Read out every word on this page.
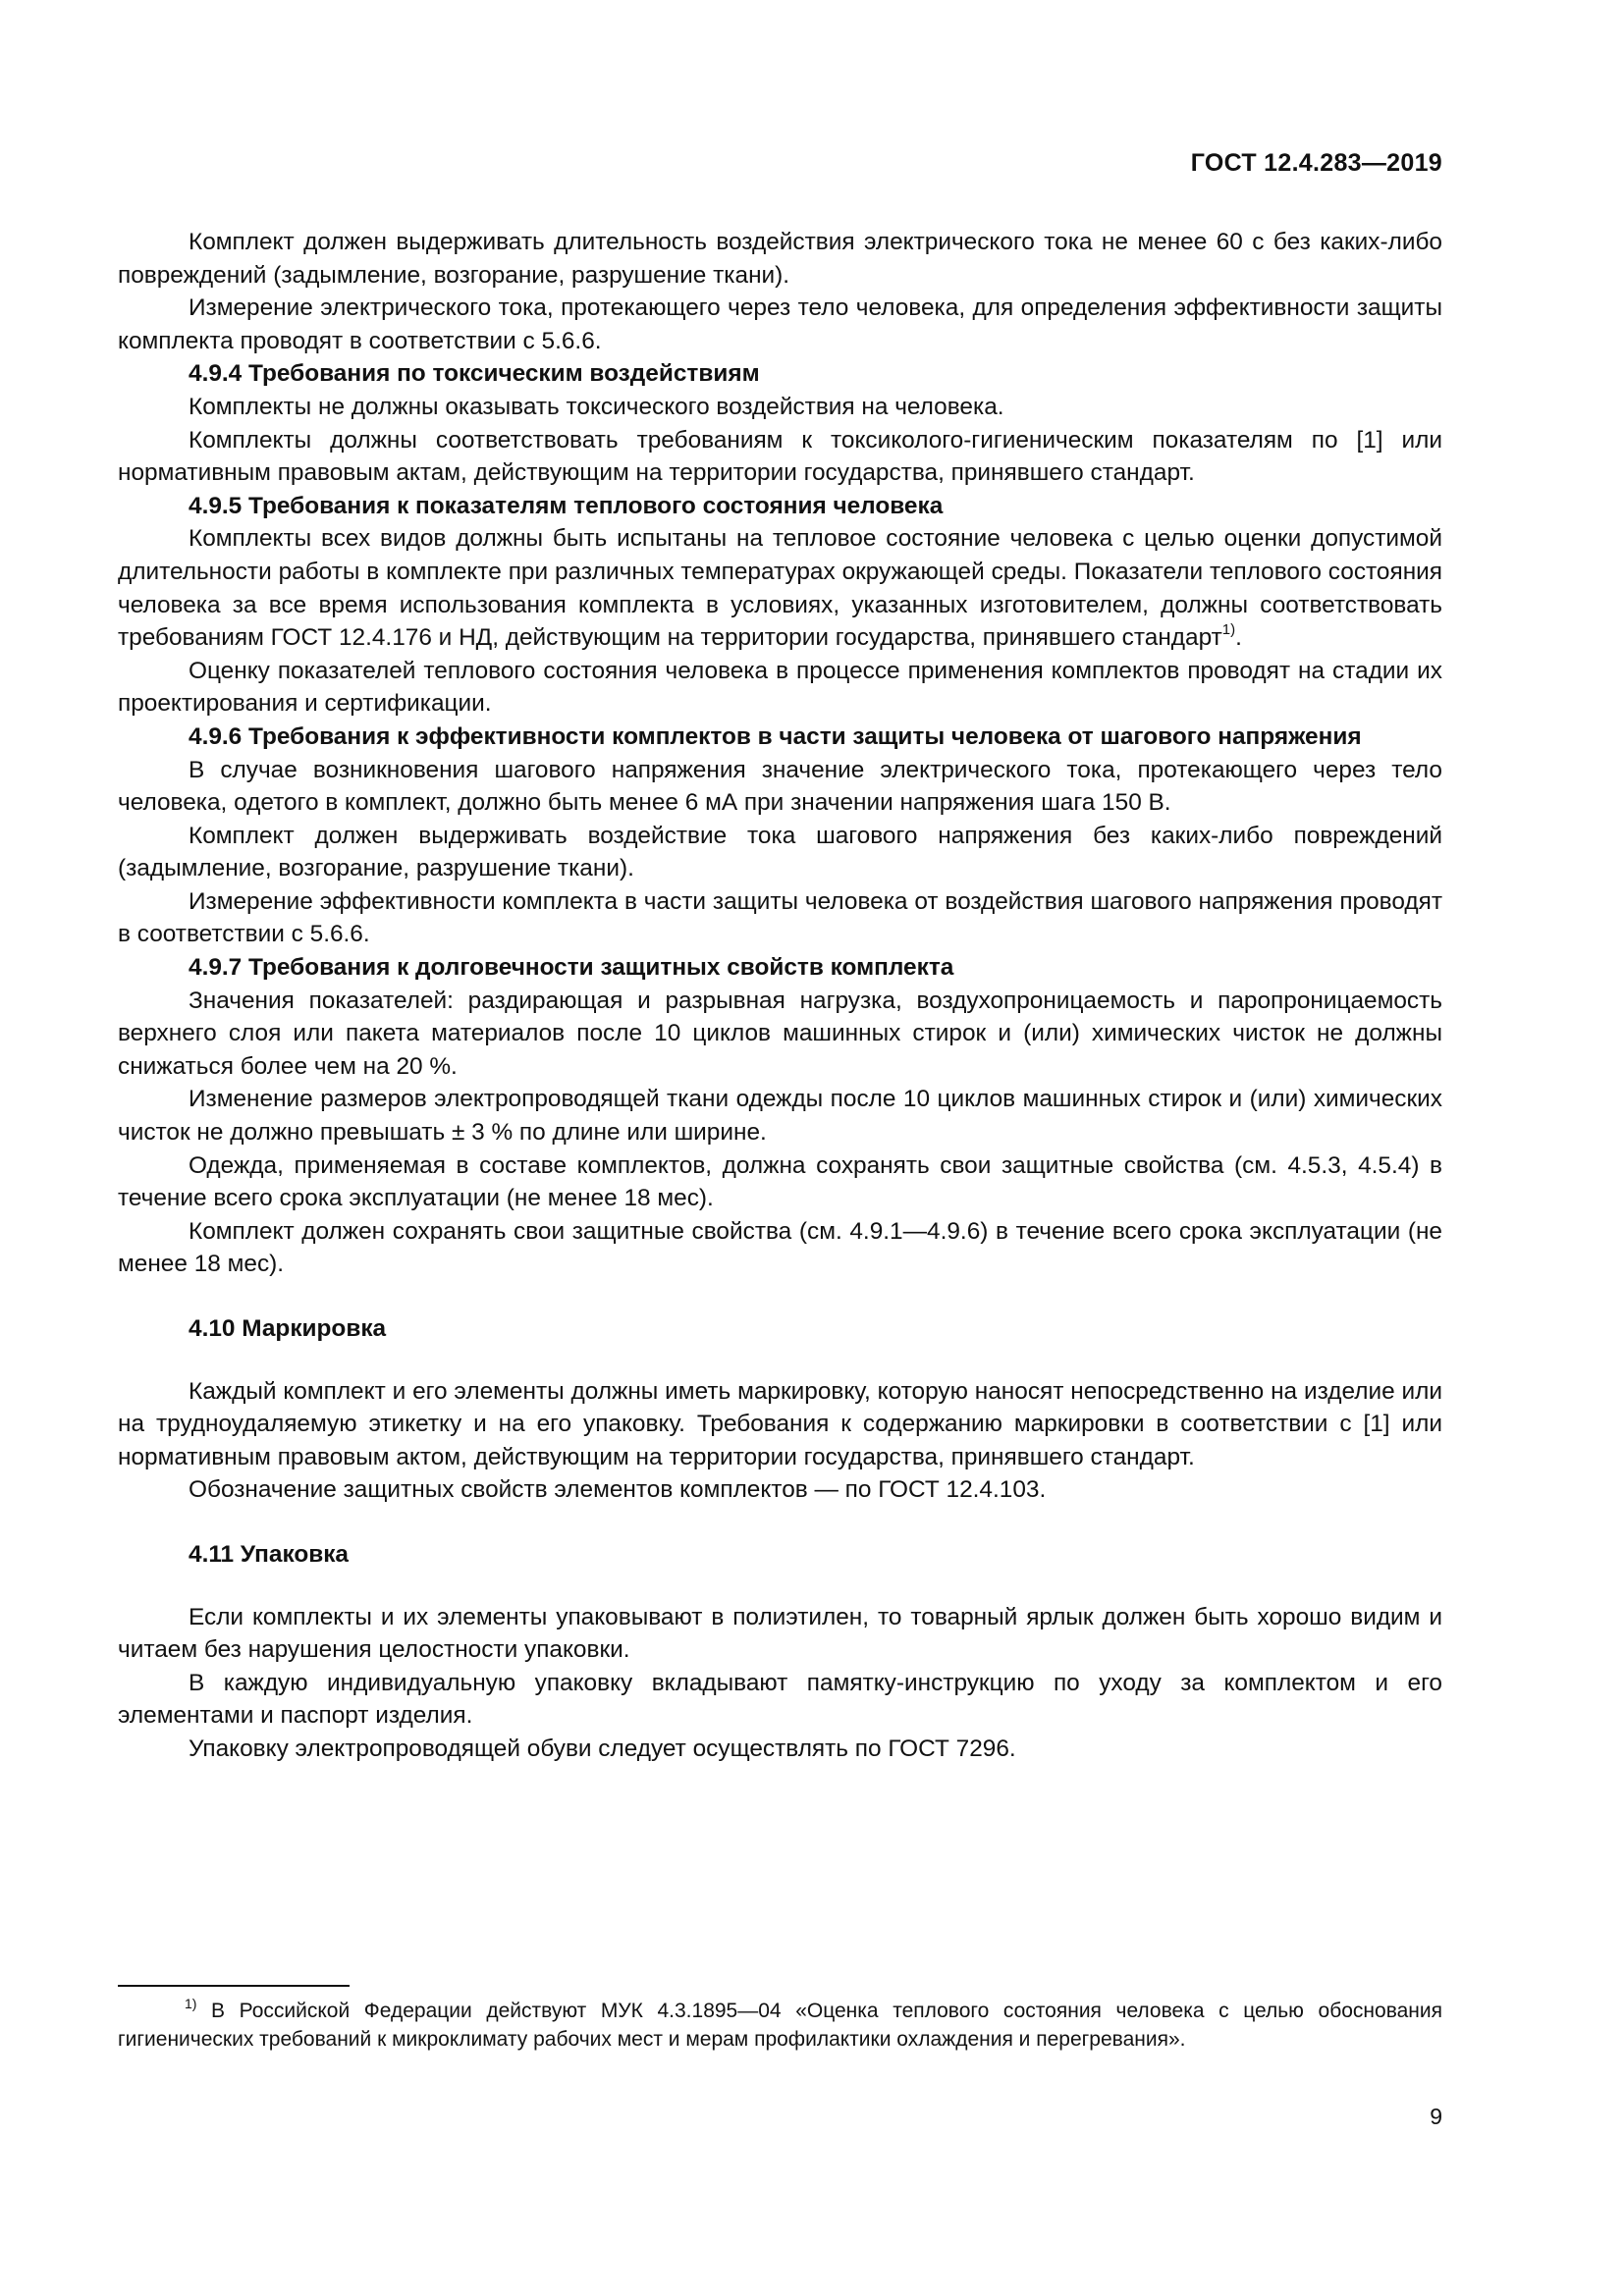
ГОСТ 12.4.283—2019

Комплект должен выдерживать длительность воздействия электрического тока не менее 60 с без каких-либо повреждений (задымление, возгорание, разрушение ткани).

Измерение электрического тока, протекающего через тело человека, для определения эффективности защиты комплекта проводят в соответствии с 5.6.6.

4.9.4 Требования по токсическим воздействиям

Комплекты не должны оказывать токсического воздействия на человека.

Комплекты должны соответствовать требованиям к токсиколого-гигиеническим показателям по [1] или нормативным правовым актам, действующим на территории государства, принявшего стандарт.

4.9.5 Требования к показателям теплового состояния человека

Комплекты всех видов должны быть испытаны на тепловое состояние человека с целью оценки допустимой длительности работы в комплекте при различных температурах окружающей среды. Показатели теплового состояния человека за все время использования комплекта в условиях, указанных изготовителем, должны соответствовать требованиям ГОСТ 12.4.176 и НД, действующим на территории государства, принявшего стандарт$^{1)}$.

Оценку показателей теплового состояния человека в процессе применения комплектов проводят на стадии их проектирования и сертификации.

4.9.6 Требования к эффективности комплектов в части защиты человека от шагового напряжения

В случае возникновения шагового напряжения значение электрического тока, протекающего через тело человека, одетого в комплект, должно быть менее 6 мА при значении напряжения шага 150 В.

Комплект должен выдерживать воздействие тока шагового напряжения без каких-либо повреждений (задымление, возгорание, разрушение ткани).

Измерение эффективности комплекта в части защиты человека от воздействия шагового напряжения проводят в соответствии с 5.6.6.

4.9.7 Требования к долговечности защитных свойств комплекта

Значения показателей: раздирающая и разрывная нагрузка, воздухопроницаемость и паропроницаемость верхнего слоя или пакета материалов после 10 циклов машинных стирок и (или) химических чисток не должны снижаться более чем на 20 %.

Изменение размеров электропроводящей ткани одежды после 10 циклов машинных стирок и (или) химических чисток не должно превышать ± 3 % по длине или ширине.

Одежда, применяемая в составе комплектов, должна сохранять свои защитные свойства (см. 4.5.3, 4.5.4) в течение всего срока эксплуатации (не менее 18 мес).

Комплект должен сохранять свои защитные свойства (см. 4.9.1—4.9.6) в течение всего срока эксплуатации (не менее 18 мес).

4.10 Маркировка

Каждый комплект и его элементы должны иметь маркировку, которую наносят непосредственно на изделие или на трудноудаляемую этикетку и на его упаковку. Требования к содержанию маркировки в соответствии с [1] или нормативным правовым актом, действующим на территории государства, принявшего стандарт.

Обозначение защитных свойств элементов комплектов — по ГОСТ 12.4.103.

4.11 Упаковка

Если комплекты и их элементы упаковывают в полиэтилен, то товарный ярлык должен быть хорошо видим и читаем без нарушения целостности упаковки.

В каждую индивидуальную упаковку вкладывают памятку-инструкцию по уходу за комплектом и его элементами и паспорт изделия.

Упаковку электропроводящей обуви следует осуществлять по ГОСТ 7296.

$^{1)}$ В Российской Федерации действуют МУК 4.3.1895—04 «Оценка теплового состояния человека с целью обоснования гигиенических требований к микроклимату рабочих мест и мерам профилактики охлаждения и перегревания».

9
